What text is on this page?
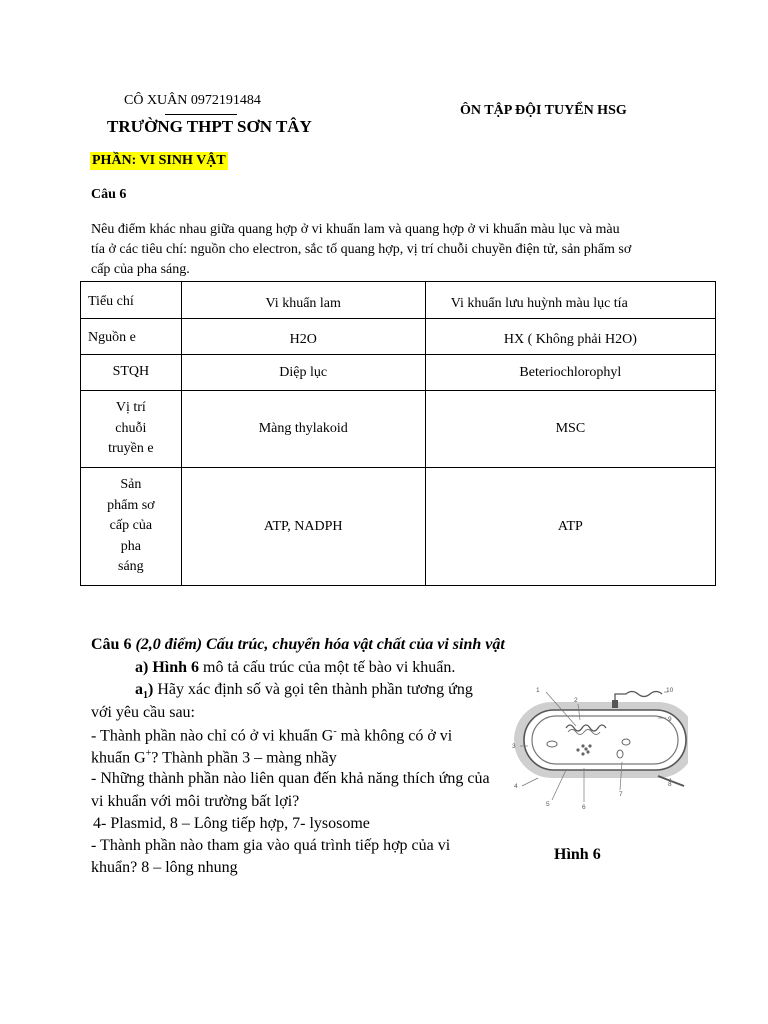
CÔ XUÂN 0972191484
TRƯỜNG THPT SƠN TÂY
ÔN TẬP ĐỘI TUYỂN HSG
PHẦN: VI SINH VẬT
Câu 6
Nêu điểm khác nhau giữa quang hợp ở vi khuẩn lam và quang hợp ở vi khuẩn màu lục và màu
tía ở các tiêu chí: nguồn cho electron, sắc tố quang hợp, vị trí chuỗi chuyền điện tử, sản phẩm sơ
cấp của pha sáng.
Tiểu chí	Vi khuẩn lam	Vi khuẩn lưu huỳnh màu lục tía
Nguồn e	H2O	HX ( Không phải H2O)
STQH	Diệp lục	Beteriochlorophyl

Vị trí
chuỗi
truyền e	Màng thylakoid	MSC

Sản
phẩm sơ
cấp của
pha
sáng	ATP, NADPH	ATP
Câu 6 (2,0 điểm) Cấu trúc, chuyển hóa vật chất của vi sinh vật
a) Hình 6 mô tả cấu trúc của một tế bào vi khuẩn.
$a_1$) Hãy xác định số và gọi tên thành phần tương ứng
với yêu cầu sau:
- Thành phần nào chỉ có ở vi khuẩn G- mà không có ở vi
khuẩn G+? Thành phần 3 – màng nhầy
- Những thành phần nào liên quan đến khả năng thích ứng của
vi khuẩn với môi trường bất lợi?
4- Plasmid, 8 – Lông tiếp hợp, 7- lysosome
- Thành phần nào tham gia vào quá trình tiếp hợp của vi
khuẩn? 8 – lông nhung
1
2
3
4
5	6
7
8
9
10
Hình 6
